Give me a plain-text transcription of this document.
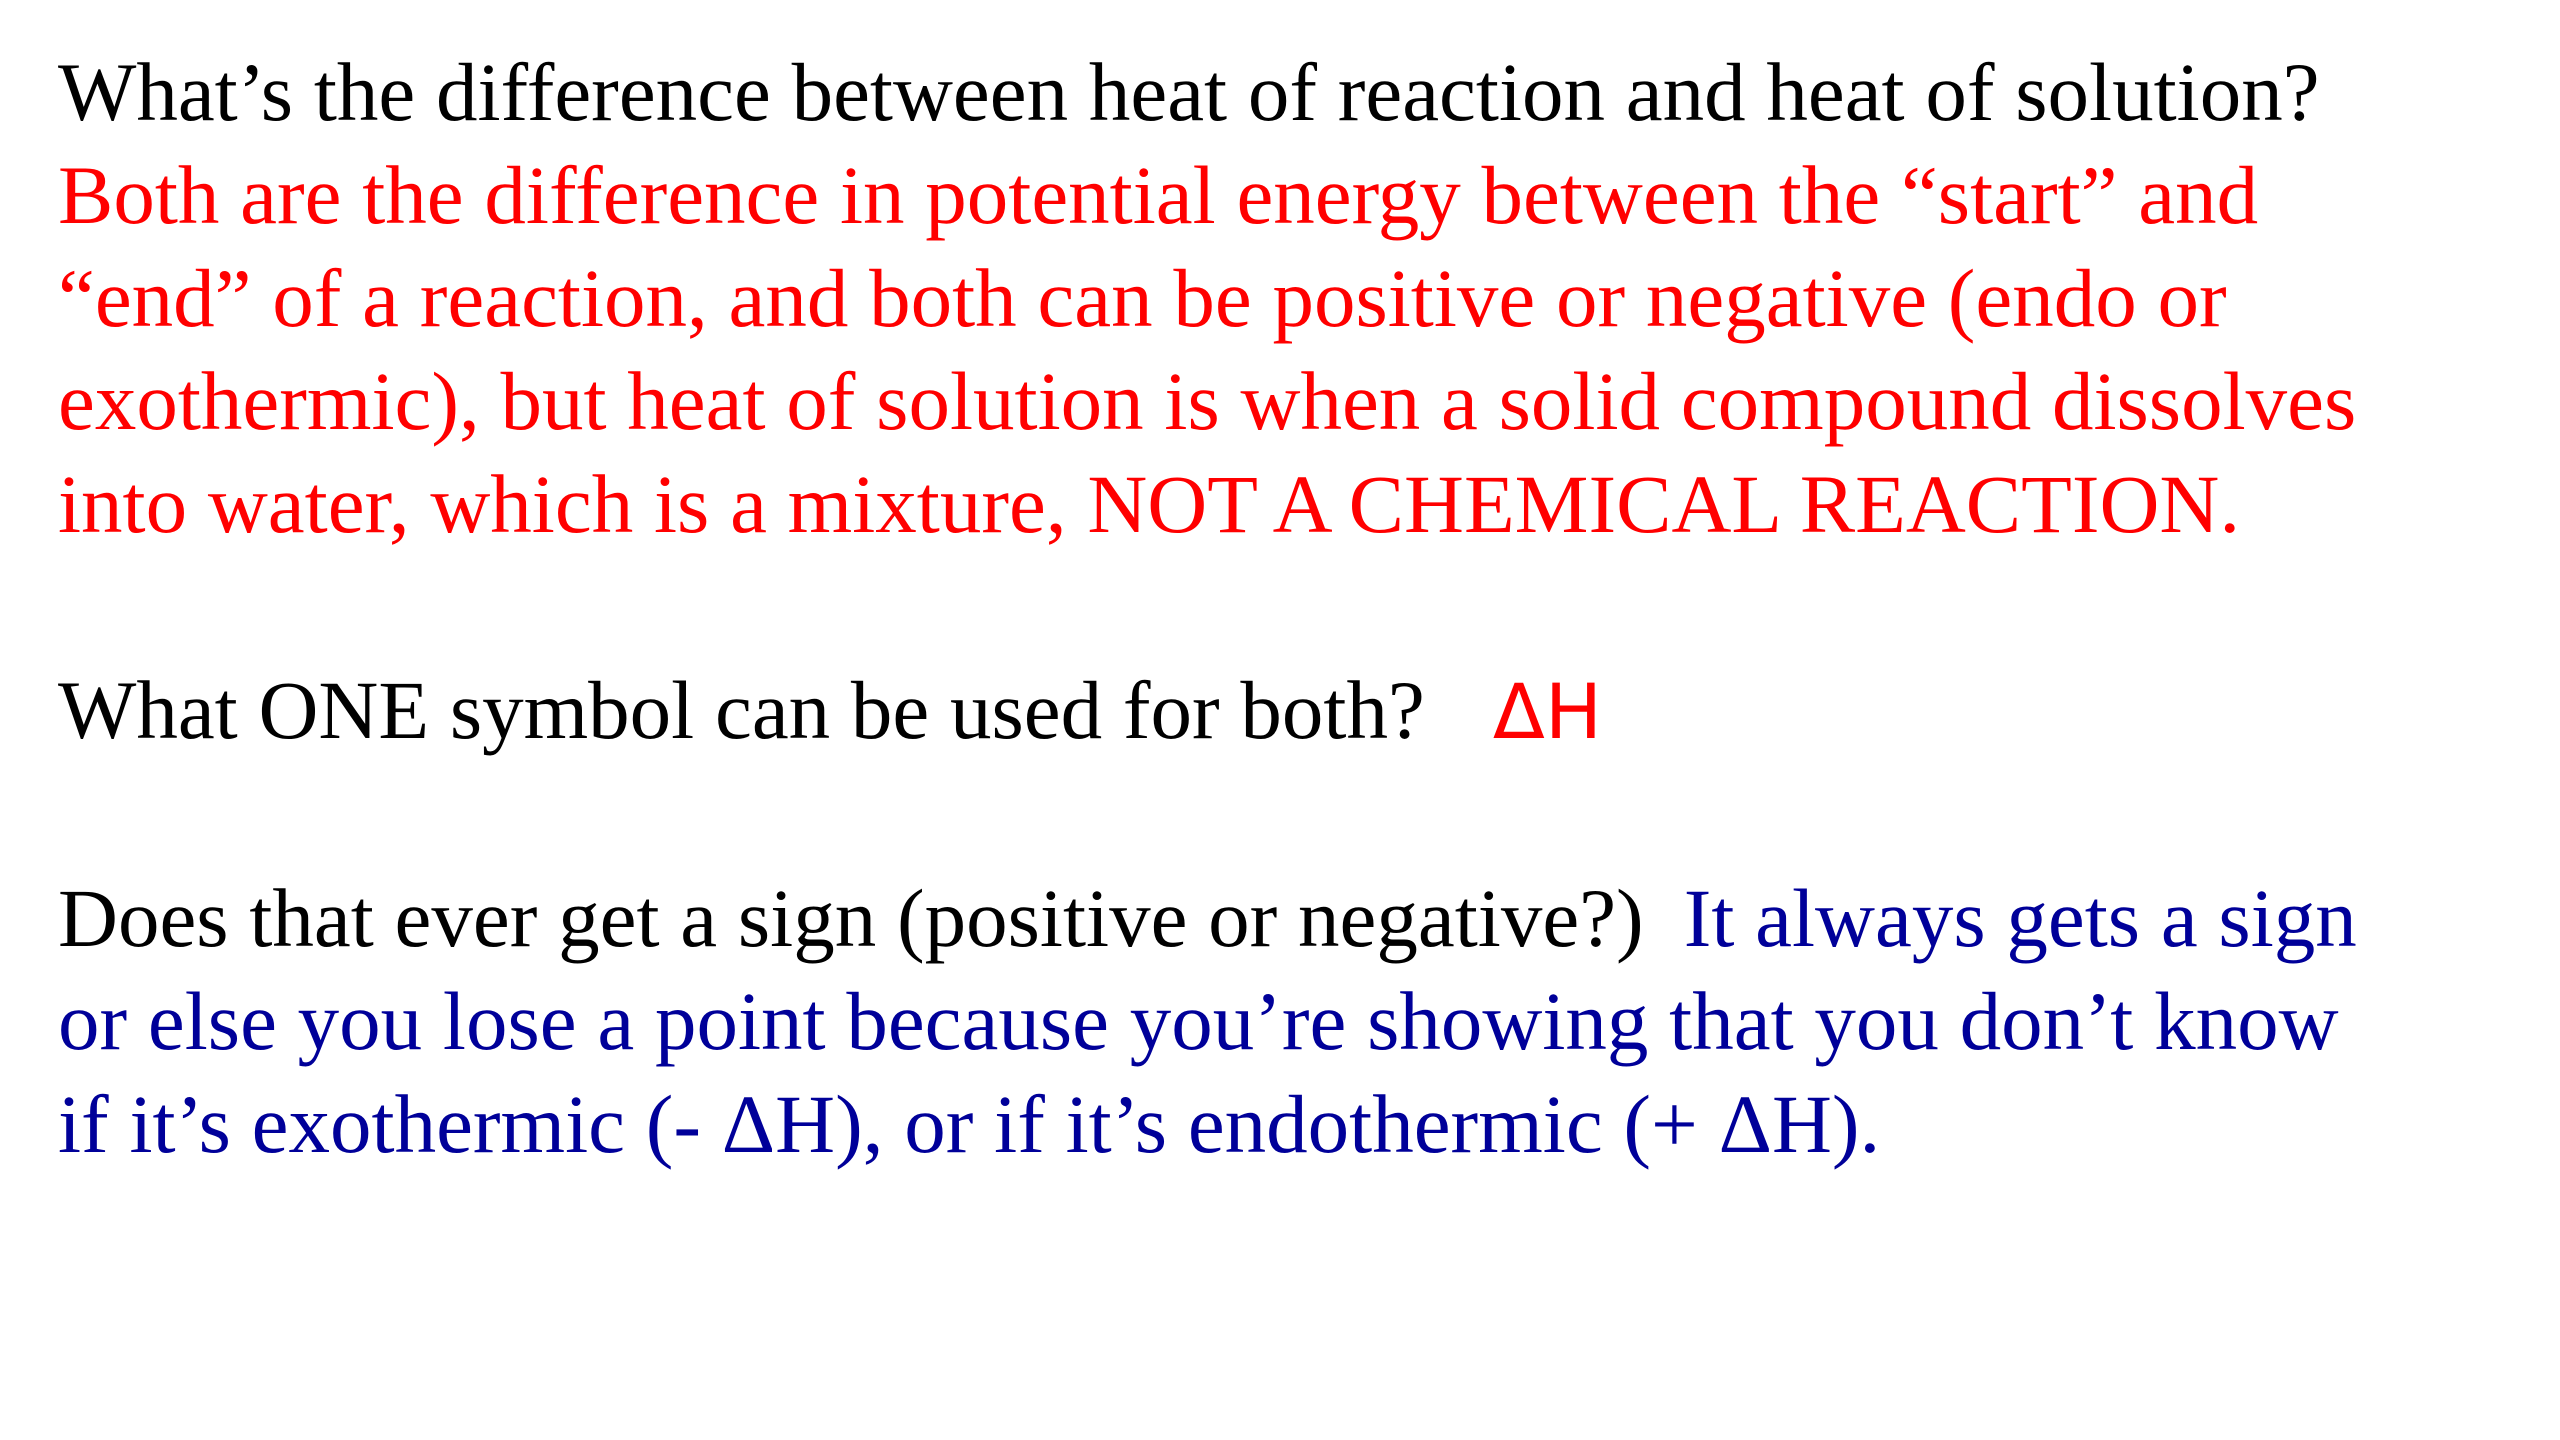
What’s the difference between heat of reaction and heat of solution?

Both are the difference in potential energy between the “start” and

“end” of a reaction, and both can be positive or negative (endo or

exothermic), but heat of solution is when a solid compound dissolves

into water, which is a mixture, NOT A CHEMICAL REACTION.

What ONE symbol can be used for both? ΔH

Does that ever get a sign (positive or negative?) It always gets a sign

or else you lose a point because you’re showing that you don’t know

if it’s exothermic (- ΔH), or if it’s endothermic (+ ΔH).
